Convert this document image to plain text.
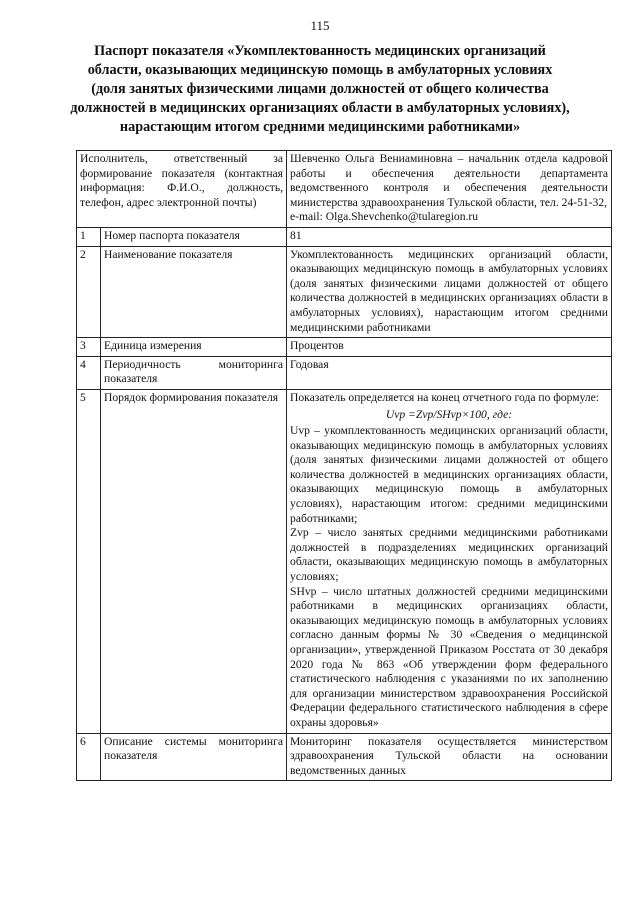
115
Паспорт показателя «Укомплектованность медицинских организаций области, оказывающих медицинскую помощь в амбулаторных условиях (доля занятых физическими лицами должностей от общего количества должностей в медицинских организациях области в амбулаторных условиях), нарастающим итогом средними медицинскими работниками»
Исполнитель, ответственный за формирование показателя (контактная информация: Ф.И.О., должность, телефон, адрес электронной почты)		Шевченко Ольга Вениаминовна – начальник отдела кадровой работы и обеспечения деятельности департамента ведомственного контроля и обеспечения деятельности министерства здравоохранения Тульской области, тел. 24-51-32,
e-mail: Olga.Shevchenko@tularegion.ru
1	Номер паспорта показателя	81
2	Наименование показателя	Укомплектованность медицинских организаций области, оказывающих медицинскую помощь в амбулаторных условиях (доля занятых физическими лицами должностей от общего количества должностей в медицинских организациях области в амбулаторных условиях), нарастающим итогом средними медицинскими работниками
3	Единица измерения	Процентов
4	Периодичность мониторинга показателя	Годовая
5	Порядок формирования показателя	Показатель определяется на конец отчетного года по формуле:

Uvp =Zvp/SHvp×100, где:

Uvp – укомплектованность медицинских организаций области, оказывающих медицинскую помощь в амбулаторных условиях (доля занятых физическими лицами должностей от общего количества должностей в медицинских организациях области, оказывающих медицинскую помощь в амбулаторных условиях), нарастающим итогом: средними медицинскими работниками;

Zvp – число занятых средними медицинскими работниками должностей в подразделениях медицинских организаций области, оказывающих медицинскую помощь в амбулаторных условиях;

SHvp – число штатных должностей средними медицинскими работниками в медицинских организациях области, оказывающих медицинскую помощь в амбулаторных условиях согласно данным формы № 30 «Сведения о медицинской организации», утвержденной Приказом Росстата от 30 декабря 2020 года № 863 «Об утверждении форм федерального статистического наблюдения с указаниями по их заполнению для организации министерством здравоохранения Российской Федерации федерального статистического наблюдения в сфере охраны здоровья»

6	Описание системы мониторинга показателя	Мониторинг показателя осуществляется министерством здравоохранения Тульской области на основании ведомственных данных
